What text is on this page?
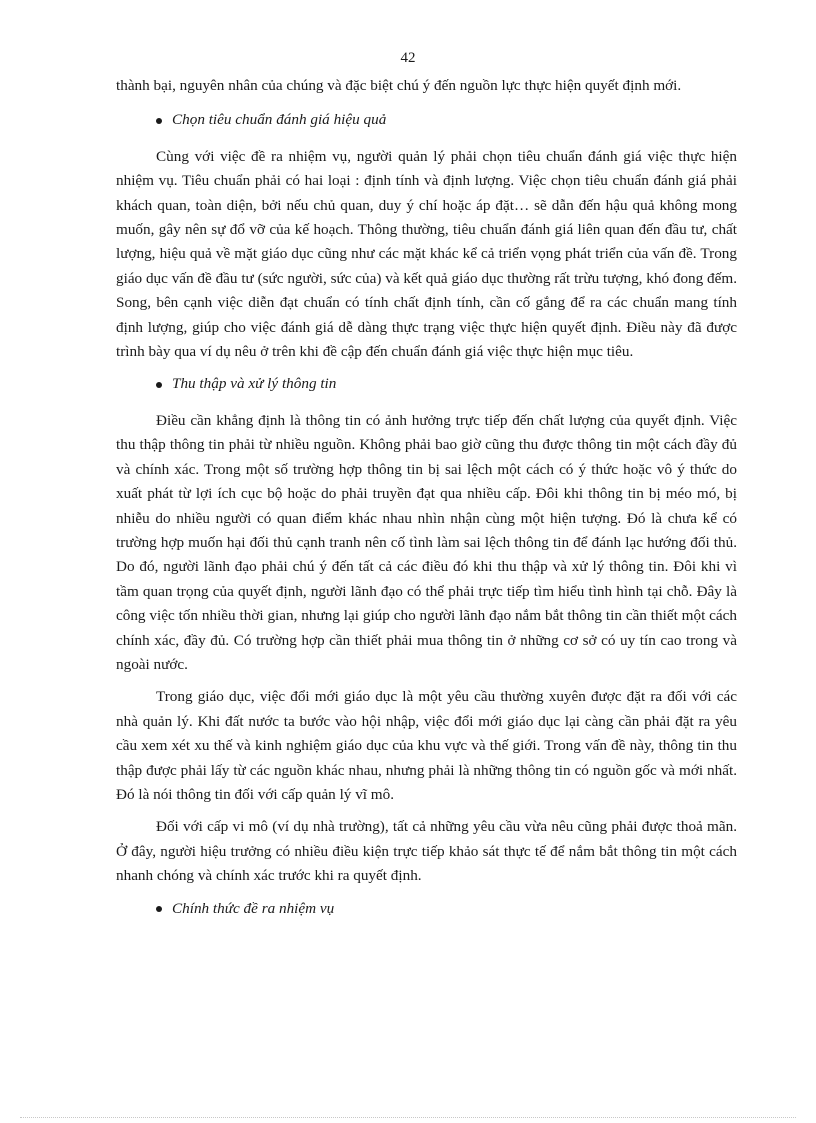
42

thành bại, nguyên nhân của chúng và đặc biệt chú ý đến nguồn lực thực hiện quyết định mới.

Chọn tiêu chuẩn đánh giá hiệu quả

Cùng với việc đề ra nhiệm vụ, người quản lý phải chọn tiêu chuẩn đánh giá việc thực hiện nhiệm vụ. Tiêu chuẩn phải có hai loại : định tính và định lượng. Việc chọn tiêu chuẩn đánh giá phải khách quan, toàn diện, bởi nếu chủ quan, duy ý chí hoặc áp đặt… sẽ dẫn đến hậu quả không mong muốn, gây nên sự đổ vỡ của kế hoạch. Thông thường, tiêu chuẩn đánh giá liên quan đến đầu tư, chất lượng, hiệu quả về mặt giáo dục cũng như các mặt khác kể cả triển vọng phát triển của vấn đề. Trong giáo dục vấn đề đầu tư (sức người, sức của) và kết quả giáo dục thường rất trừu tượng, khó đong đếm. Song, bên cạnh việc diễn đạt chuẩn có tính chất định tính, cần cố gắng để ra các chuẩn mang tính định lượng, giúp cho việc đánh giá dễ dàng thực trạng việc thực hiện quyết định. Điều này đã được trình bày qua ví dụ nêu ở trên khi đề cập đến chuẩn đánh giá việc thực hiện mục tiêu.

Thu thập và xử lý thông tin

Điều cần khẳng định là thông tin có ảnh hưởng trực tiếp đến chất lượng của quyết định. Việc thu thập thông tin phải từ nhiều nguồn. Không phải bao giờ cũng thu được thông tin một cách đầy đủ và chính xác. Trong một số trường hợp thông tin bị sai lệch một cách có ý thức hoặc vô ý thức do xuất phát từ lợi ích cục bộ hoặc do phải truyền đạt qua nhiều cấp. Đôi khi thông tin bị méo mó, bị nhiễu do nhiều người có quan điểm khác nhau nhìn nhận cùng một hiện tượng. Đó là chưa kể có trường hợp muốn hại đối thủ cạnh tranh nên cố tình làm sai lệch thông tin để đánh lạc hướng đối thủ. Do đó, người lãnh đạo phải chú ý đến tất cả các điều đó khi thu thập và xử lý thông tin. Đôi khi vì tầm quan trọng của quyết định, người lãnh đạo có thể phải trực tiếp tìm hiểu tình hình tại chỗ. Đây là công việc tốn nhiều thời gian, nhưng lại giúp cho người lãnh đạo nắm bắt thông tin cần thiết một cách chính xác, đầy đủ. Có trường hợp cần thiết phải mua thông tin ở những cơ sở có uy tín cao trong và ngoài nước.

Trong giáo dục, việc đổi mới giáo dục là một yêu cầu thường xuyên được đặt ra đối với các nhà quản lý. Khi đất nước ta bước vào hội nhập, việc đổi mới giáo dục lại càng cần phải đặt ra yêu cầu xem xét xu thế và kinh nghiệm giáo dục của khu vực và thế giới. Trong vấn đề này, thông tin thu thập được phải lấy từ các nguồn khác nhau, nhưng phải là những thông tin có nguồn gốc và mới nhất. Đó là nói thông tin đối với cấp quản lý vĩ mô.

Đối với cấp vi mô (ví dụ nhà trường), tất cả những yêu cầu vừa nêu cũng phải được thoả mãn. Ở đây, người hiệu trưởng có nhiều điều kiện trực tiếp khảo sát thực tế để nắm bắt thông tin một cách nhanh chóng và chính xác trước khi ra quyết định.

Chính thức đề ra nhiệm vụ
